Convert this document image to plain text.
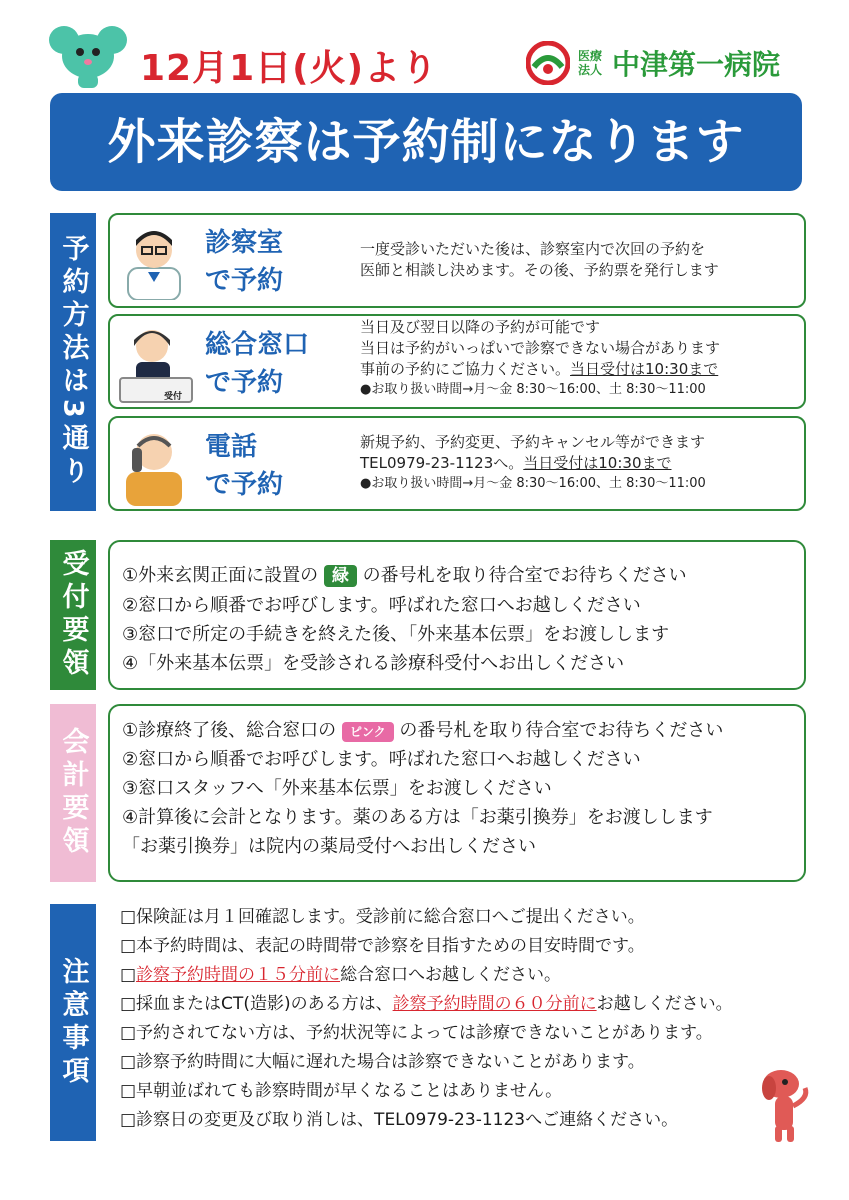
12月1日(火)より	医療
法人 中津第一病院
外来診察は予約制になります
予約方法は3通り	診察室
で予約
一度受診いただいた後は、診察室内で次回の予約を
医師と相談し決めます。その後、予約票を発行します
受付
総合窓口
で予約
当日及び翌日以降の予約が可能です
当日は予約がいっぱいで診察できない場合があります
事前の予約にご協力ください。当日受付は10:30まで
●お取り扱い時間→月～金 8:30～16:00、土 8:30～11:00
電話
で予約
新規予約、予約変更、予約キャンセル等ができます
TEL0979-23-1123へ。当日受付は10:30まで
●お取り扱い時間→月～金 8:30～16:00、土 8:30～11:00
受付要領	①外来玄関正面に設置の 緑 の番号札を取り待合室でお待ちください
②窓口から順番でお呼びします。呼ばれた窓口へお越しください
③窓口で所定の手続きを終えた後、「外来基本伝票」をお渡しします
④「外来基本伝票」を受診される診療科受付へお出しください
会計要領	①診療終了後、総合窓口の ピンク の番号札を取り待合室でお待ちください
②窓口から順番でお呼びします。呼ばれた窓口へお越しください
③窓口スタッフへ「外来基本伝票」をお渡しください
④計算後に会計となります。薬のある方は「お薬引換券」をお渡しします
「お薬引換券」は院内の薬局受付へお出しください
注意事項
□保険証は月１回確認します。受診前に総合窓口へご提出ください。
□本予約時間は、表記の時間帯で診察を目指すための目安時間です。
□診察予約時間の１５分前に総合窓口へお越しください。
□採血またはCT(造影)のある方は、診察予約時間の６０分前にお越しください。
□予約されてない方は、予約状況等によっては診療できないことがあります。
□診察予約時間に大幅に遅れた場合は診察できないことがあります。
□早朝並ばれても診察時間が早くなることはありません。
□診察日の変更及び取り消しは、TEL0979-23-1123へご連絡ください。
